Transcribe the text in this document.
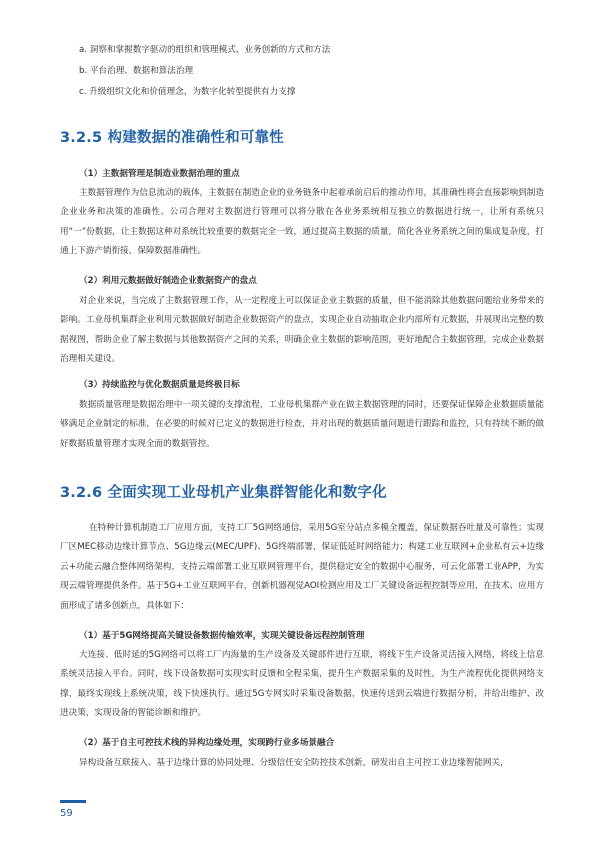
a. 洞察和掌握数字驱动的组织和管理模式、业务创新的方式和方法
b. 平台治理、数据和算法治理
c. 升级组织文化和价值理念，为数字化转型提供有力支撑
3.2.5 构建数据的准确性和可靠性
（1）主数据管理是制造业数据治理的重点
主数据管理作为信息流动的载体，主数据在制造企业的业务链条中起着承前启后的推动作用，其准确性将会直接影响到制造企业业务和决策的准确性。公司合理对主数据进行管理可以将分散在各业务系统相互独立的数据进行统一，让所有系统只用“一”份数据，让主数据这种对系统比较重要的数据完全一致，通过提高主数据的质量，简化各业务系统之间的集成复杂度，打通上下游产销衔接，保障数据准确性。
（2）利用元数据做好制造企业数据资产的盘点
对企业来说，当完成了主数据管理工作，从一定程度上可以保证企业主数据的质量，但不能消除其他数据问题给业务带来的影响。工业母机集群企业利用元数据做好制造企业数据资产的盘点，实现企业自动抽取企业内部所有元数据，并展现出完整的数据视图，帮助企业了解主数据与其他数据资产之间的关系，明确企业主数据的影响范围，更好地配合主数据管理，完成企业数据治理相关建设。
（3）持续监控与优化数据质量是终极目标
数据质量管理是数据治理中一项关键的支撑流程，工业母机集群产业在做主数据管理的同时，还要保证保障企业数据质量能够满足企业制定的标准，在必要的时候对已定义的数据进行检查，并对出现的数据质量问题进行跟踪和监控，只有持续不断的做好数据质量管理才实现全面的数据管控。
3.2.6 全面实现工业母机产业集群智能化和数字化
在特种计算机制造工厂应用方面，支持工厂5G网络通信，采用5G室分站点多模全覆盖，保证数据吞吐量及可靠性；实现厂区MEC移动边缘计算节点、5G边缘云(MEC/UPF)、5G终端部署，保证低延时网络能力；构建工业互联网+企业私有云+边缘云+功能云融合整体网络架构，支持云端部署工业互联网管理平台，提供稳定安全的数据中心服务，可云化部署工业APP，为实现云端管理提供条件。基于5G+工业互联网平台，创新机器视觉AOI检测应用及工厂关键设备远程控制等应用，在技术、应用方面形成了诸多创新点，具体如下：
（1）基于5G网络提高关键设备数据传输效率，实现关键设备远程控制管理
大连接、低时延的5G网络可以将工厂内海量的生产设备及关键部件进行互联，将线下生产设备灵活接入网络，将线上信息系统灵活接入平台。同时，线下设备数据可实现实时反馈和全程采集，提升生产数据采集的及时性，为生产流程优化提供网络支撑，最终实现线上系统决策，线下快速执行。通过5G专网实时采集设备数据，快速传送到云端进行数据分析，并给出维护、改进决策，实现设备的智能诊断和维护。
（2）基于自主可控技术栈的异构边缘处理，实现跨行业多场景融合
异构设备互联接入、基于边缘计算的协同处理、分级信任安全防控技术创新，研发出自主可控工业边缘智能网关，
59
